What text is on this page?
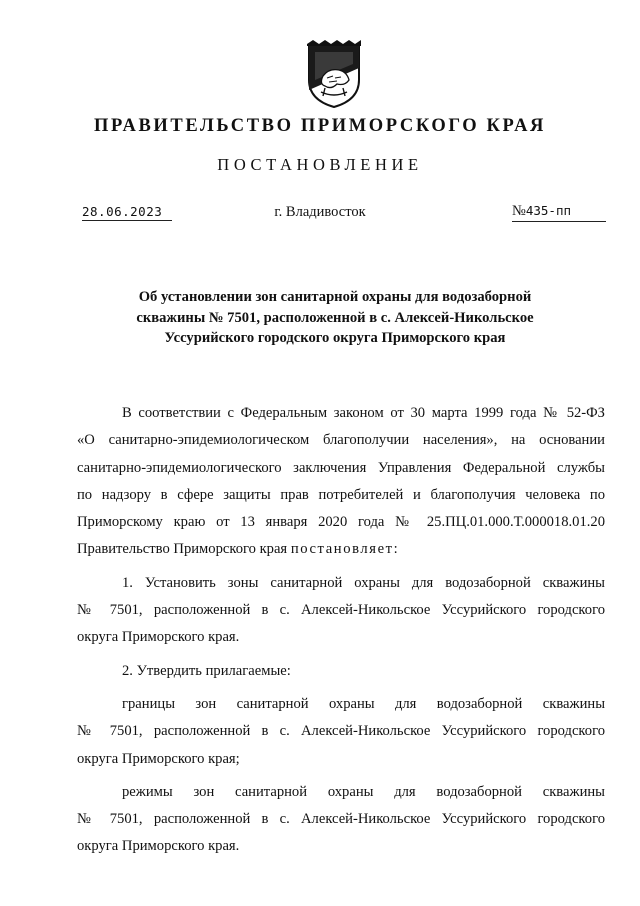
ПРАВИТЕЛЬСТВО ПРИМОРСКОГО КРАЯ
ПОСТАНОВЛЕНИЕ
28.06.2023	г. Владивосток	№435-пп
Об установлении зон санитарной охраны для водозаборной
скважины № 7501, расположенной в с. Алексей-Никольское
Уссурийского городского округа Приморского края
В соответствии с Федеральным законом от 30 марта 1999 года № 52-ФЗ
«О санитарно-эпидемиологическом благополучии населения», на основании
санитарно-эпидемиологического заключения Управления Федеральной службы
по надзору в сфере защиты прав потребителей и благополучия человека по
Приморскому краю от 13 января 2020 года № 25.ПЦ.01.000.Т.000018.01.20
Правительство Приморского края постановляет:
1. Установить зоны санитарной охраны для водозаборной скважины
№ 7501, расположенной в с. Алексей-Никольское Уссурийского городского
округа Приморского края.
2. Утвердить прилагаемые:
границы зон санитарной охраны для водозаборной скважины
№ 7501, расположенной в с. Алексей-Никольское Уссурийского городского
округа Приморского края;
режимы зон санитарной охраны для водозаборной скважины
№ 7501, расположенной в с. Алексей-Никольское Уссурийского городского
округа Приморского края.
